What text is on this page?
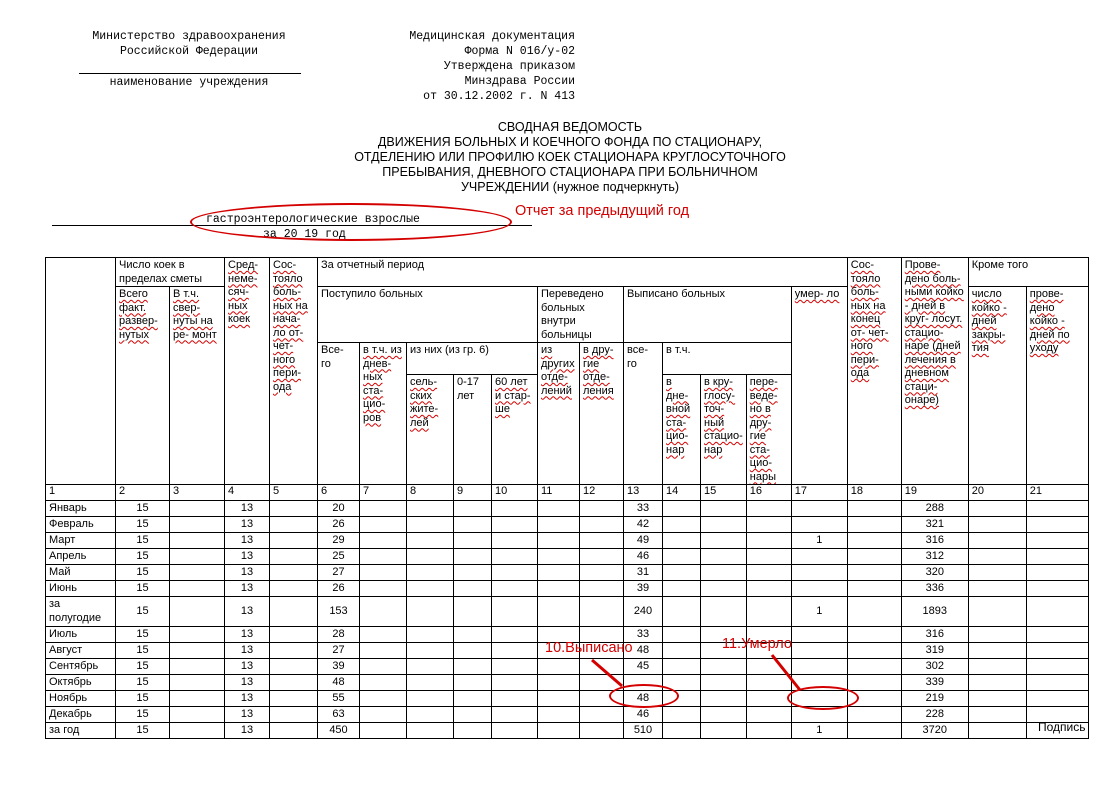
Министерство здравоохранения
Российской Федерации
наименование учреждения
Медицинская документация
Форма N 016/у-02
Утверждена приказом
Минздрава России
от 30.12.2002 г. N 413
СВОДНАЯ ВЕДОМОСТЬ
ДВИЖЕНИЯ БОЛЬНЫХ И КОЕЧНОГО ФОНДА ПО СТАЦИОНАРУ,
ОТДЕЛЕНИЮ ИЛИ ПРОФИЛЮ КОЕК СТАЦИОНАРА КРУГЛОСУТОЧНОГО
ПРЕБЫВАНИЯ, ДНЕВНОГО СТАЦИОНАРА ПРИ БОЛЬНИЧНОМ
УЧРЕЖДЕНИИ (нужное подчеркнуть)
гастроэнтерологические взрослые
за 20 19 год
Отчет за предыдущий год
	Число коек в пределах сметы		Сред- неме- сяч- ных коек	Сос- тояло боль- ных на нача- ло от- чет- ного пери- ода	За отчетный период												Сос- тояло боль- ных на конец от- чет- ного пери- ода	Прове- дено боль- ными койко - дней в круг- лосут. стацио- наре (дней лечения в дневном стаци- онаре)	Кроме того	
	Всего факт. развер- нутых	В т.ч. свер- нуты на ре- монт			Поступило больных					Переведено больных внутри больницы		Выписано больных				умер- ло			число койко - дней закры- тия	прове- дено койко - дней по уходу

					Все- го	в т.ч. из днев- ных ста- цио- ров	из них (из гр. 6)			из других отде- лений	в дру- гие отде- ления	все- го	в т.ч.							
							сель- ских жите- лей	0-17 лет	60 лет и стар- ше				в дне- вной ста- цио- нар	в кру- глосу- точ- ный стацио- нар	пере- веде- но в дру- гие ста- цио- нары					
1	2	3	4	5	6	7	8	9	10	11	12	13	14	15	16	17	18	19	20	21
Январь	15		13		20							33						288		
Февраль	15		13		26							42						321		
Март	15		13		29							49				1		316		
Апрель	15		13		25							46						312		
Май	15		13		27							31						320		
Июнь	15		13		26							39						336		
за полугодие	15		13		153							240				1		1893		
Июль	15		13		28							33						316		
Август	15		13		27							48						319		
Сентябрь	15		13		39							45						302		
Октябрь	15		13		48													339		
Ноябрь	15		13		55							48						219		
Декабрь	15		13		63							46						228		
за год	15		13		450							510				1		3720		
10.Выписано	11.Умерло
Подпись
